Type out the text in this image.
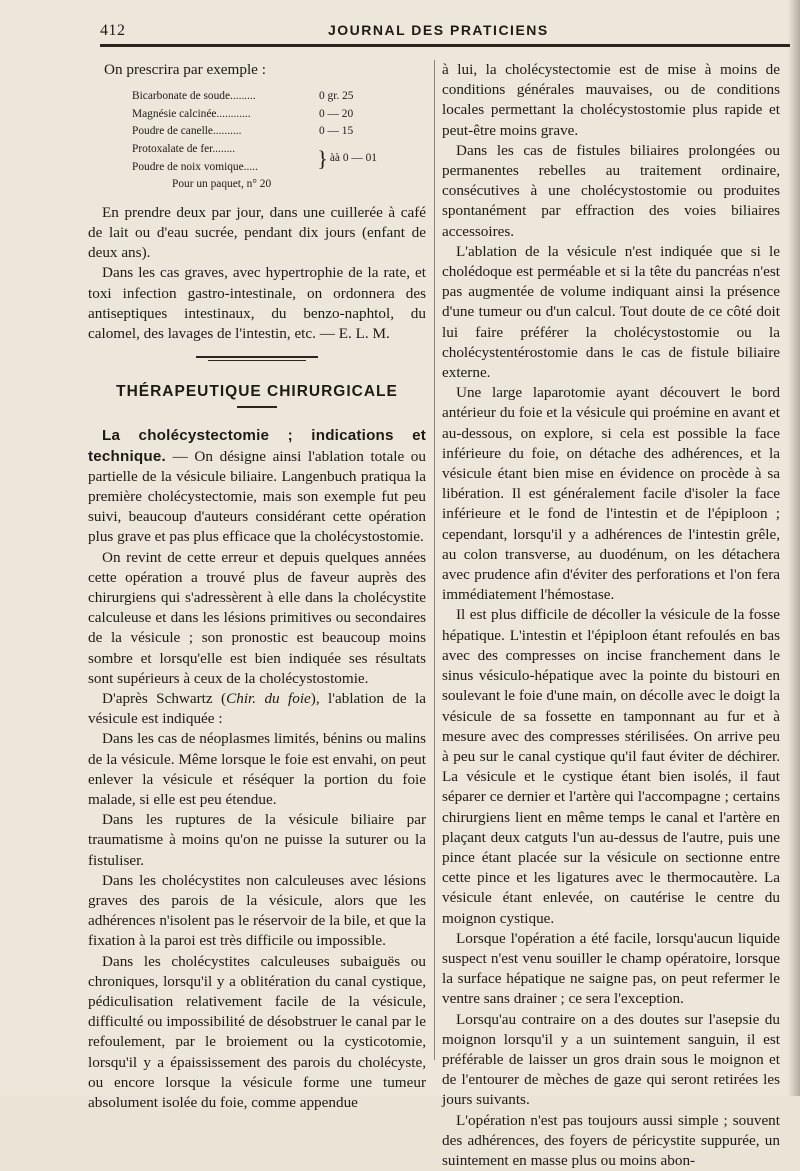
412	JOURNAL DES PRATICIENS

On prescrira par exemple :

Bicarbonate de soude.........	0 gr. 25
Magnésie calcinée............	0 — 20
Poudre de canelle..........	0 — 15
Protoxalate de fer........
Poudre de noix vomique.....	} àà 0 — 01
Pour un paquet, n° 20

En prendre deux par jour, dans une cuillerée à café de lait ou d'eau sucrée, pendant dix jours (enfant de deux ans).

Dans les cas graves, avec hypertrophie de la rate, et toxi infection gastro-intestinale, on ordonnera des antiseptiques intestinaux, du benzo-naphtol, du calomel, des lavages de l'intestin, etc. — E. L. M.

THÉRAPEUTIQUE CHIRURGICALE

La cholécystectomie ; indications et technique. — On désigne ainsi l'ablation totale ou partielle de la vésicule biliaire. Langenbuch pratiqua la première cholécystectomie, mais son exemple fut peu suivi, beaucoup d'auteurs considérant cette opération plus grave et pas plus efficace que la cholécystostomie.

On revint de cette erreur et depuis quelques années cette opération a trouvé plus de faveur auprès des chirurgiens qui s'adressèrent à elle dans la cholécystite calculeuse et dans les lésions primitives ou secondaires de la vésicule ; son pronostic est beaucoup moins sombre et lorsqu'elle est bien indiquée ses résultats sont supérieurs à ceux de la cholécystostomie.

D'après Schwartz (Chir. du foie), l'ablation de la vésicule est indiquée :

Dans les cas de néoplasmes limités, bénins ou malins de la vésicule. Même lorsque le foie est envahi, on peut enlever la vésicule et réséquer la portion du foie malade, si elle est peu étendue.

Dans les ruptures de la vésicule biliaire par traumatisme à moins qu'on ne puisse la suturer ou la fistuliser.

Dans les cholécystites non calculeuses avec lésions graves des parois de la vésicule, alors que les adhérences n'isolent pas le réservoir de la bile, et que la fixation à la paroi est très difficile ou impossible.

Dans les cholécystites calculeuses subaiguës ou chroniques, lorsqu'il y a oblitération du canal cystique, pédiculisation relativement facile de la vésicule, difficulté ou impossibilité de désobstruer le canal par le refoulement, par le broiement ou la cysticotomie, lorsqu'il y a épaississement des parois du cholécyste, ou encore lorsque la vésicule forme une tumeur absolument isolée du foie, comme appendue

à lui, la cholécystectomie est de mise à moins de conditions générales mauvaises, ou de conditions locales permettant la cholécystostomie plus rapide et peut-être moins grave.

Dans les cas de fistules biliaires prolongées ou permanentes rebelles au traitement ordinaire, consécutives à une cholécystostomie ou produites spontanément par effraction des voies biliaires accessoires.

L'ablation de la vésicule n'est indiquée que si le cholédoque est perméable et si la tête du pancréas n'est pas augmentée de volume indiquant ainsi la présence d'une tumeur ou d'un calcul. Tout doute de ce côté doit lui faire préférer la cholécystostomie ou la cholécystentérostomie dans le cas de fistule biliaire externe.

Une large laparotomie ayant découvert le bord antérieur du foie et la vésicule qui proémine en avant et au-dessous, on explore, si cela est possible la face inférieure du foie, on détache des adhérences, et la vésicule étant bien mise en évidence on procède à sa libération. Il est généralement facile d'isoler la face inférieure et le fond de l'intestin et de l'épiploon ; cependant, lorsqu'il y a adhérences de l'intestin grêle, au colon transverse, au duodénum, on les détachera avec prudence afin d'éviter des perforations et l'on fera immédiatement l'hémostase.

Il est plus difficile de décoller la vésicule de la fosse hépatique. L'intestin et l'épiploon étant refoulés en bas avec des compresses on incise franchement dans le sinus vésiculo-hépatique avec la pointe du bistouri en soulevant le foie d'une main, on décolle avec le doigt la vésicule de sa fossette en tamponnant au fur et à mesure avec des compresses stérilisées. On arrive peu à peu sur le canal cystique qu'il faut éviter de déchirer. La vésicule et le cystique étant bien isolés, il faut séparer ce dernier et l'artère qui l'accompagne ; certains chirurgiens lient en même temps le canal et l'artère en plaçant deux catguts l'un au-dessus de l'autre, puis une pince étant placée sur la vésicule on sectionne entre cette pince et les ligatures avec le thermocautère. La vésicule étant enlevée, on cautérise le centre du moignon cystique.

Lorsque l'opération a été facile, lorsqu'aucun liquide suspect n'est venu souiller le champ opératoire, lorsque la surface hépatique ne saigne pas, on peut refermer le ventre sans drainer ; ce sera l'exception.

Lorsqu'au contraire on a des doutes sur l'asepsie du moignon lorsqu'il y a un suintement sanguin, il est préférable de laisser un gros drain sous le moignon et de l'entourer de mèches de gaze qui seront retirées les jours suivants.

L'opération n'est pas toujours aussi simple ; souvent des adhérences, des foyers de péricystite suppurée, un suintement en masse plus ou moins abon-
